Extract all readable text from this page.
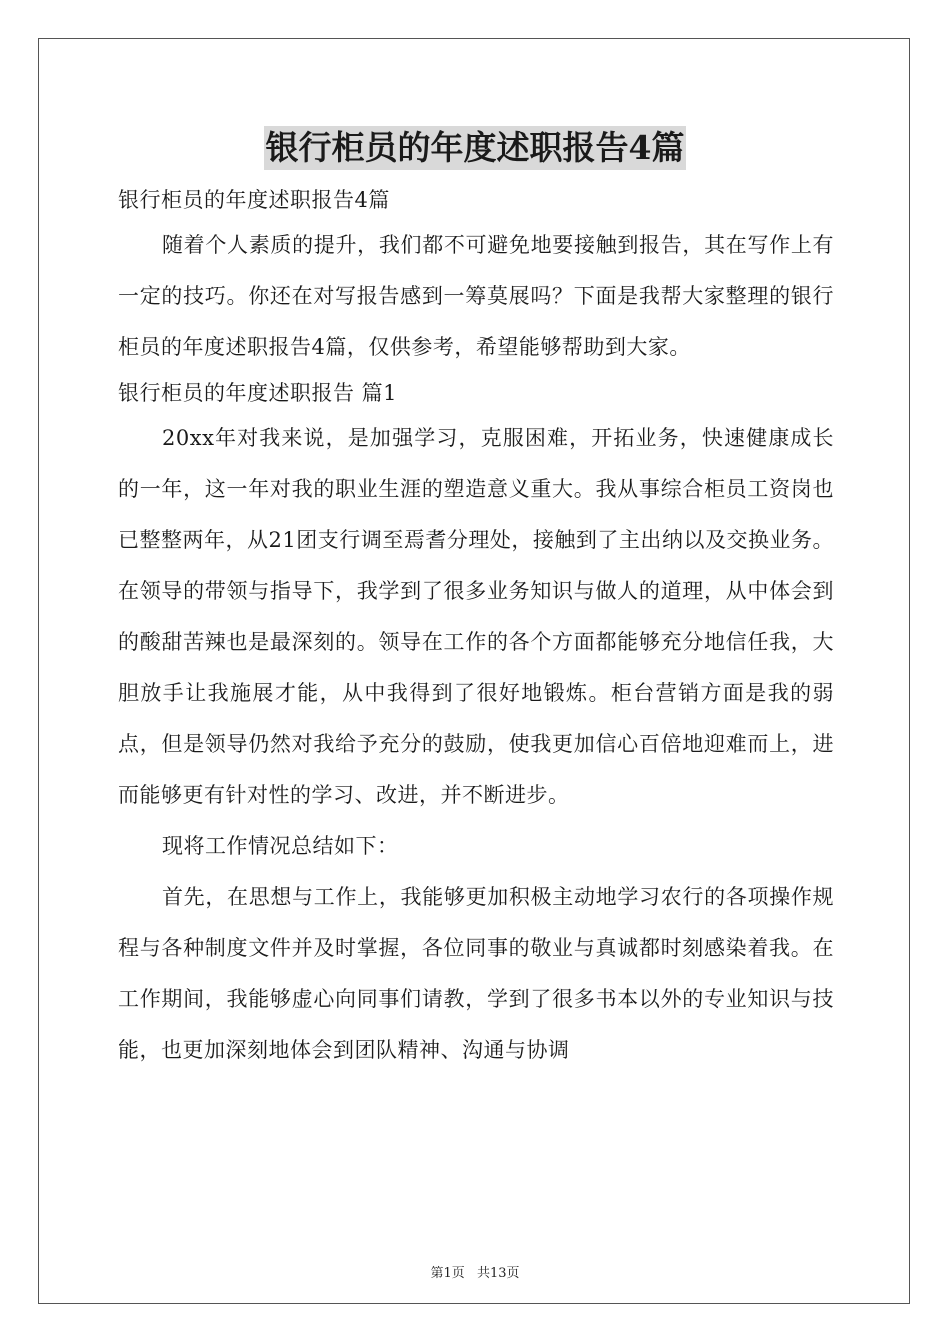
银行柜员的年度述职报告4篇

银行柜员的年度述职报告4篇

随着个人素质的提升，我们都不可避免地要接触到报告，其在写作上有一定的技巧。你还在对写报告感到一筹莫展吗？下面是我帮大家整理的银行柜员的年度述职报告4篇，仅供参考，希望能够帮助到大家。

银行柜员的年度述职报告 篇1

20xx年对我来说，是加强学习，克服困难，开拓业务，快速健康成长的一年，这一年对我的职业生涯的塑造意义重大。我从事综合柜员工资岗也已整整两年，从21团支行调至焉耆分理处，接触到了主出纳以及交换业务。在领导的带领与指导下，我学到了很多业务知识与做人的道理，从中体会到的酸甜苦辣也是最深刻的。领导在工作的各个方面都能够充分地信任我，大胆放手让我施展才能，从中我得到了很好地锻炼。柜台营销方面是我的弱点，但是领导仍然对我给予充分的鼓励，使我更加信心百倍地迎难而上，进而能够更有针对性的学习、改进，并不断进步。

现将工作情况总结如下：

首先，在思想与工作上，我能够更加积极主动地学习农行的各项操作规程与各种制度文件并及时掌握，各位同事的敬业与真诚都时刻感染着我。在工作期间，我能够虚心向同事们请教，学到了很多书本以外的专业知识与技能，也更加深刻地体会到团队精神、沟通与协调

第1页 共13页
